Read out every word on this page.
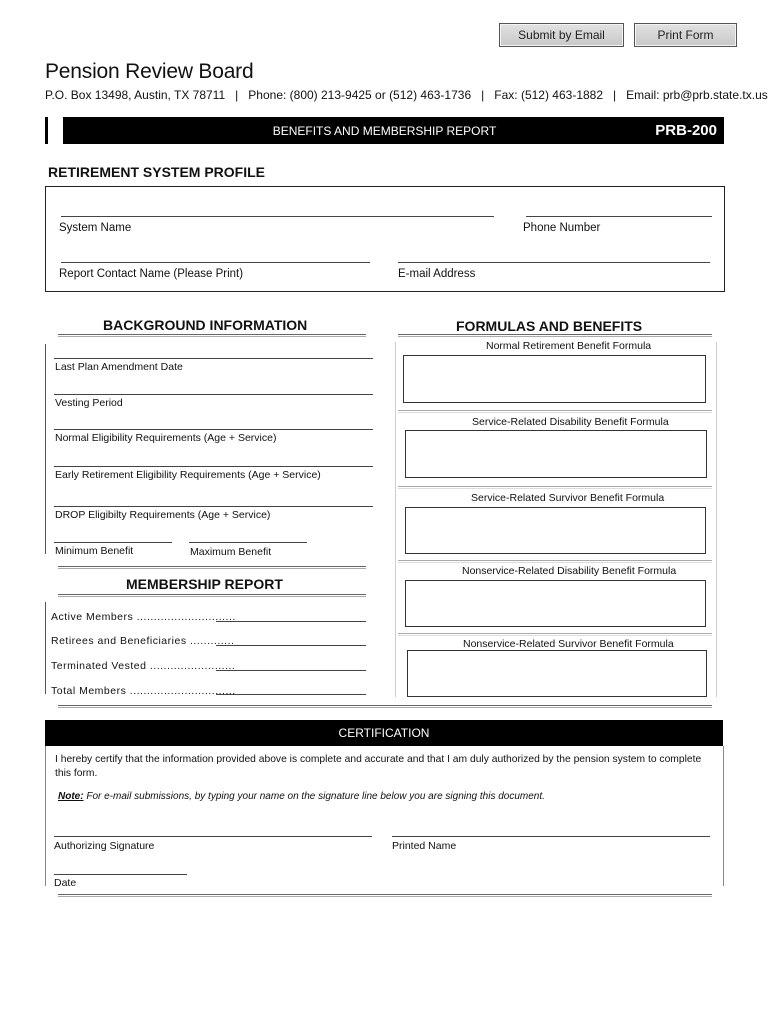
Submit by Email	Print Form
Pension Review Board
P.O. Box 13498, Austin, TX 78711 | Phone: (800) 213-9425 or (512) 463-1736 | Fax: (512) 463-1882 | Email: prb@prb.state.tx.us
BENEFITS AND MEMBERSHIP REPORT	PRB-200
RETIREMENT SYSTEM PROFILE
System Name	Phone Number
Report Contact Name (Please Print)	E-mail Address
BACKGROUND INFORMATION
Last Plan Amendment Date
Vesting Period
Normal Eligibility Requirements (Age + Service)
Early Retirement Eligibility Requirements (Age + Service)
DROP Eligibilty Requirements (Age + Service)
Minimum Benefit	Maximum Benefit
MEMBERSHIP REPORT
Active Members .............................
Retirees and Beneficiaries .............
Terminated Vested .........................
Total Members ...............................
FORMULAS AND BENEFITS
Normal Retirement Benefit Formula
Service-Related Disability Benefit Formula
Service-Related Survivor Benefit Formula
Nonservice-Related Disability Benefit Formula
Nonservice-Related Survivor Benefit Formula
CERTIFICATION
I hereby certify that the information provided above is complete and accurate and that I am duly authorized by the pension system to complete
this form.
Note: For e-mail submissions, by typing your name on the signature line below you are signing this document.
Authorizing Signature	Printed Name
Date
